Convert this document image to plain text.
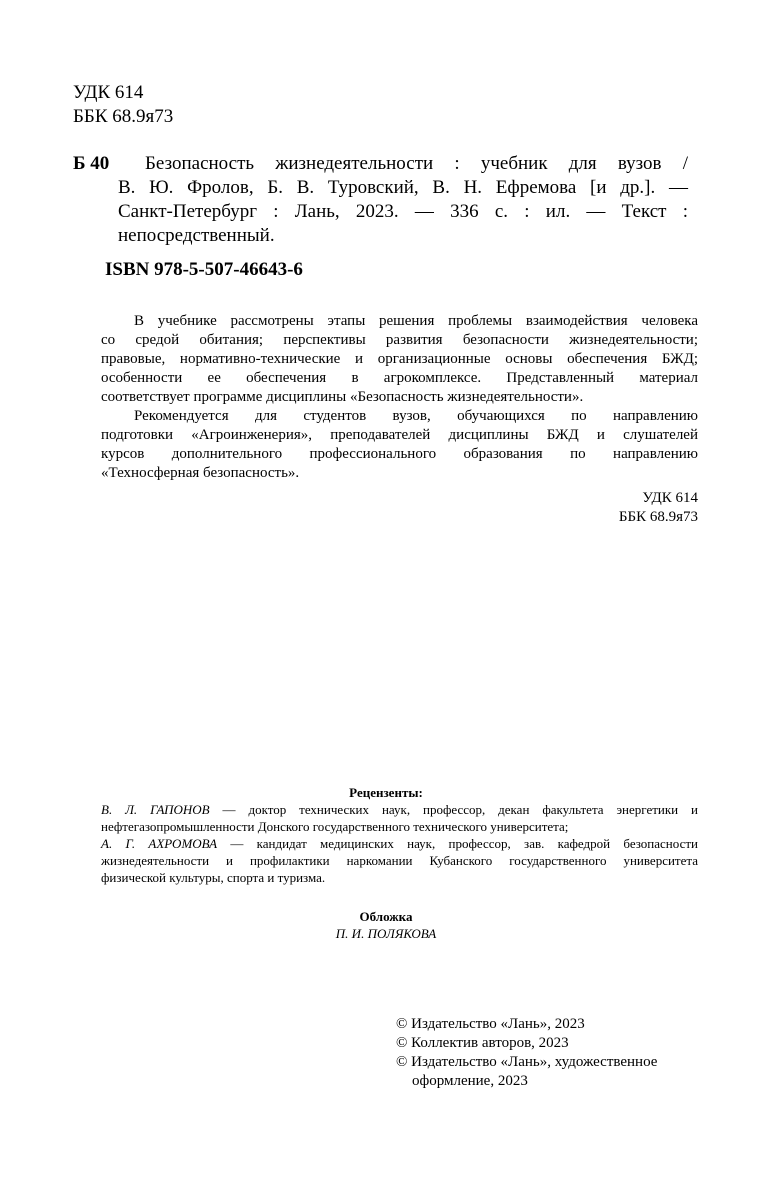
УДК 614
ББК 68.9я73
Б 40 Безопасность жизнедеятельности : учебник для вузов /

В. Ю. Фролов, Б. В. Туровский, В. Н. Ефремова [и др.]. —

Санкт-Петербург : Лань, 2023. — 336 с. : ил. — Текст :

непосредственный.

ISBN 978-5-507-46643-6

В учебнике рассмотрены этапы решения проблемы взаимодействия человека

со средой обитания; перспективы развития безопасности жизнедеятельности;

правовые, нормативно-технические и организационные основы обеспечения БЖД;

особенности ее обеспечения в агрокомплексе. Представленный материал

соответствует программе дисциплины «Безопасность жизнедеятельности».

Рекомендуется для студентов вузов, обучающихся по направлению

подготовки «Агроинженерия», преподавателей дисциплины БЖД и слушателей

курсов дополнительного профессионального образования по направлению

«Техносферная безопасность».

УДК 614
ББК 68.9я73
Рецензенты:

В. Л. ГАПОНОВ — доктор технических наук, профессор, декан факультета энергетики и

нефтегазопромышленности Донского государственного технического университета;

А. Г. АХРОМОВА — кандидат медицинских наук, профессор, зав. кафедрой безопасности

жизнедеятельности и профилактики наркомании Кубанского государственного университета

физической культуры, спорта и туризма.

Обложка
П. И. ПОЛЯКОВА

© Издательство «Лань», 2023

© Коллектив авторов, 2023

© Издательство «Лань», художественное

оформление, 2023
